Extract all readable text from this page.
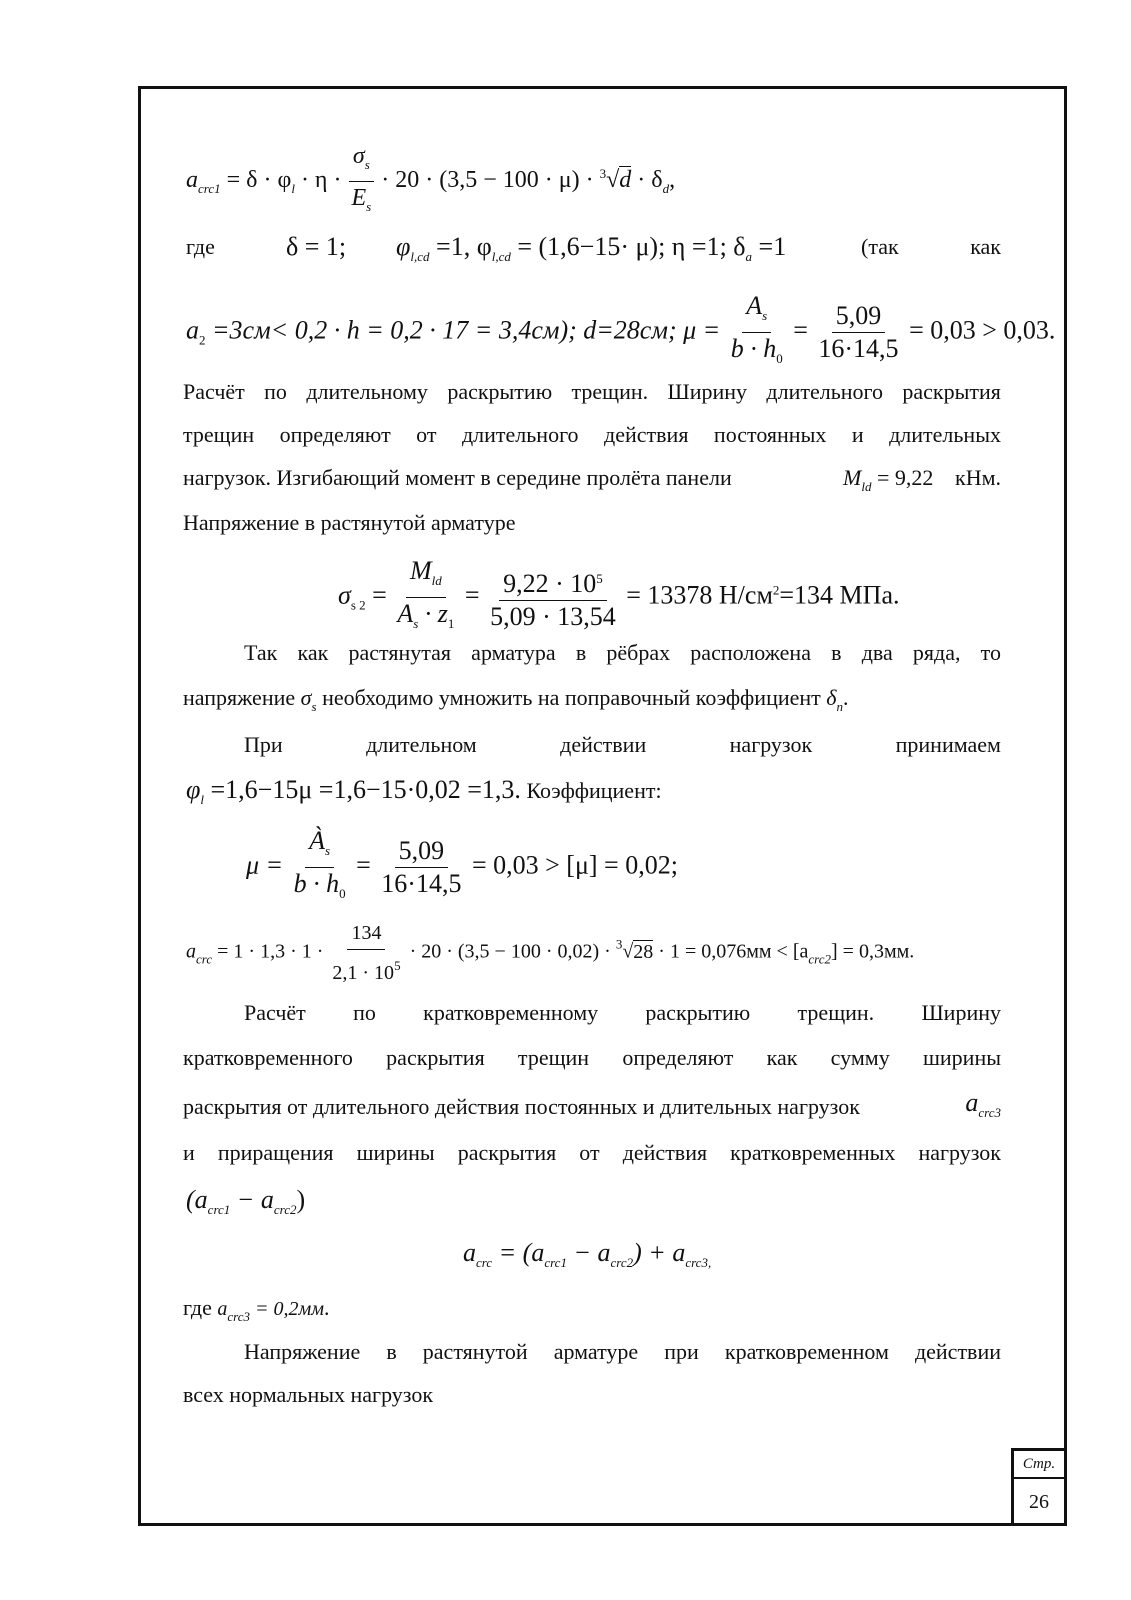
Стр.
26
$a_{crc1} = \delta \cdot \varphi_l \cdot \eta \cdot \frac{\sigma_s}{E_s} \cdot 20 \cdot (3,5 - 100 \cdot \mu) \cdot ^3√d \cdot \delta_d$,
где	δ = 1; $\varphi_{l,cd} =1$, $\varphi_{l,cd} = (1,6-15\cdot \mu)$; η =1; $\delta_a =1$	(так	как
$a_2 =3см< 0,2 \cdot h = 0,2 \cdot 17 = 3,4см$); d=28см; $\mu = \frac{A_s}{b \cdot h_0} = \frac{5,09}{16\cdot 14,5} = 0,03 > 0,03$.
Расчёт по длительному раскрытию трещин. Ширину длительного раскрытия
трещин определяют от длительного действия постоянных и длительных
нагрузок. Изгибающий момент в середине пролёта панели	$M_{ld} = 9,22$ кНм.
Напряжение в растянутой арматуре
$\sigma_{s 2}$ =
$M_{ld}$
$A_s \cdot z_1$
= $\frac{9,22 \cdot 10^5}{5,09 \cdot 13,54} = 13378$ $Н/см^2=134$ МПа.
Так как растянутая арматура в рёбрах расположена в два ряда, то
напряжение $\sigma_s$ необходимо умножить на поправочный коэффициент $\delta_n$.
При	длительном	действии	нагрузок	принимаем
$\varphi_l =1,6-15\mu =1,6-15\cdot 0,02 =1,3$. Коэффициент:
$\mu = \frac{À_s}{b \cdot h_0} = \frac{5,09}{16\cdot 14,5} = 0,03 > [\mu] = 0,02$;
$a_{crc} = 1 \cdot 1,3 \cdot 1 \cdot \frac{134}{2,1 \cdot 10^5} \cdot 20 \cdot (3,5 - 100 \cdot 0,02) \cdot ^3√28 \cdot 1 = 0,076мм < [a_{crc2}] = 0,3мм$.
Расчёт по кратковременному раскрытию трещин. Ширину
кратковременного раскрытия трещин определяют как сумму ширины
раскрытия от длительного действия постоянных и длительных нагрузок	$a_{crc3}$
и приращения ширины раскрытия от действия кратковременных нагрузок
$(a_{crc1} - a_{crc2})$
$a_{crc} = (a_{crc1} - a_{crc2}) + a_{crc3,}$
где $a_{crc3} = 0,2мм$.
Напряжение в растянутой арматуре при кратковременном действии
всех нормальных нагрузок
